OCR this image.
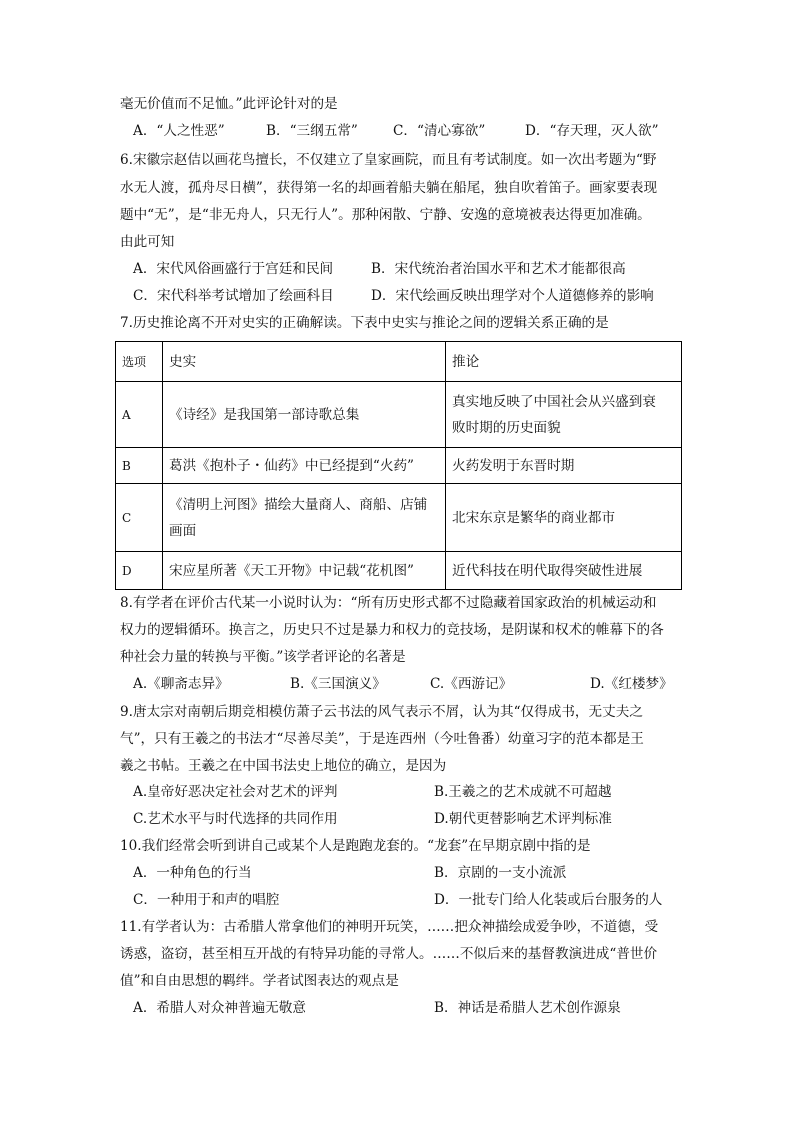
毫无价值而不足恤。”此评论针对的是
A．“人之性恶”	B．“三纲五常”	C．“清心寡欲”	D．“存天理，灭人欲”
6.宋徽宗赵佶以画花鸟擅长，不仅建立了皇家画院，而且有考试制度。如一次出考题为“野
水无人渡，孤舟尽日横”，获得第一名的却画着船夫躺在船尾，独自吹着笛子。画家要表现
题中“无”，是“非无舟人，只无行人”。那种闲散、宁静、安逸的意境被表达得更加准确。
由此可知
A．宋代风俗画盛行于宫廷和民间	B．宋代统治者治国水平和艺术才能都很高
C．宋代科举考试增加了绘画科目	D．宋代绘画反映出理学对个人道德修养的影响
7.历史推论离不开对史实的正确解读。下表中史实与推论之间的逻辑关系正确的是
选项	史实	推论
A	《诗经》是我国第一部诗歌总集	真实地反映了中国社会从兴盛到衰
败时期的历史面貌

B	葛洪《抱朴子・仙药》中已经提到“火药”	火药发明于东晋时期

C	《清明上河图》描绘大量商人、商船、店铺
画面	北宋东京是繁华的商业都市

D	宋应星所著《天工开物》中记载“花机图”	近代科技在明代取得突破性进展
8.有学者在评价古代某一小说时认为：“所有历史形式都不过隐藏着国家政治的机械运动和
权力的逻辑循环。换言之，历史只不过是暴力和权力的竞技场，是阴谋和权术的帷幕下的各
种社会力量的转换与平衡。”该学者评论的名著是
A.《聊斋志异》	B.《三国演义》	C.《西游记》	D.《红楼梦》
9.唐太宗对南朝后期竞相模仿萧子云书法的风气表示不屑，认为其“仅得成书，无丈夫之
气”，只有王羲之的书法才“尽善尽美”，于是连西州（今吐鲁番）幼童习字的范本都是王
羲之书帖。王羲之在中国书法史上地位的确立，是因为
A.皇帝好恶决定社会对艺术的评判	B.王羲之的艺术成就不可超越
C.艺术水平与时代选择的共同作用	D.朝代更替影响艺术评判标准
10.我们经常会听到讲自己或某个人是跑跑龙套的。“龙套”在早期京剧中指的是
A．一种角色的行当	B．京剧的一支小流派
C．一种用于和声的唱腔	D．一批专门给人化装或后台服务的人
11.有学者认为：古希腊人常拿他们的神明开玩笑，……把众神描绘成爱争吵，不道德，受
诱惑，盗窃，甚至相互开战的有特异功能的寻常人。……不似后来的基督教演进成“普世价
值”和自由思想的羁绊。学者试图表达的观点是
A．希腊人对众神普遍无敬意	B．神话是希腊人艺术创作源泉
